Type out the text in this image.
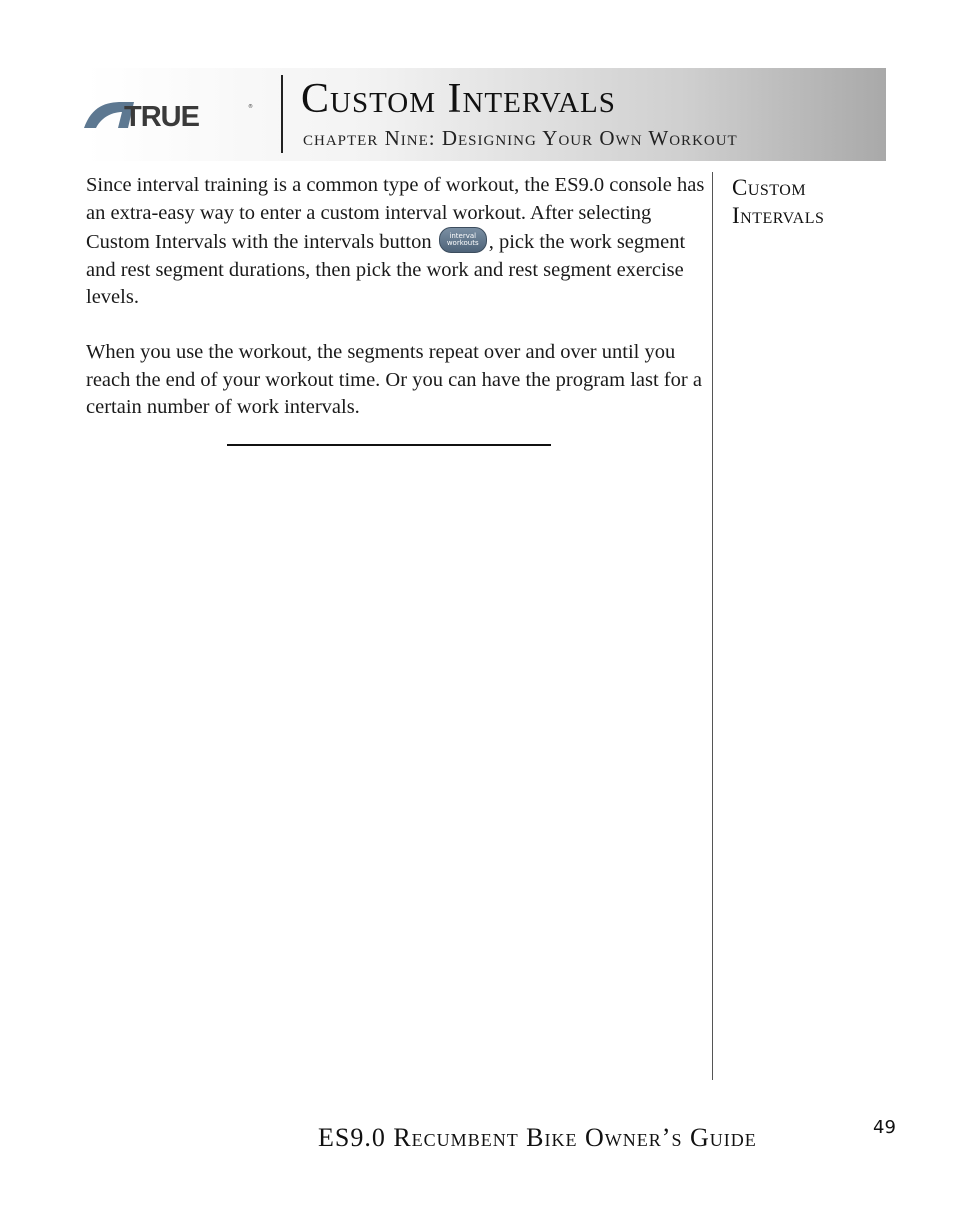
TRUE	® Custom Intervals
chapter Nine: Designing Your Own Workout

Since interval training is a common type of workout, the ES9.0 console has an extra-easy way to enter a custom interval workout. After selecting Custom Intervals with the intervals button	interval
workouts , pick the work segment and rest segment durations, then pick the work and rest segment exercise levels.

When you use the workout, the segments repeat over and over until you reach the end of your workout time. Or you can have the program last for a certain number of work intervals.

Custom Intervals
ES9.0 Recumbent Bike Owner’s Guide	49
